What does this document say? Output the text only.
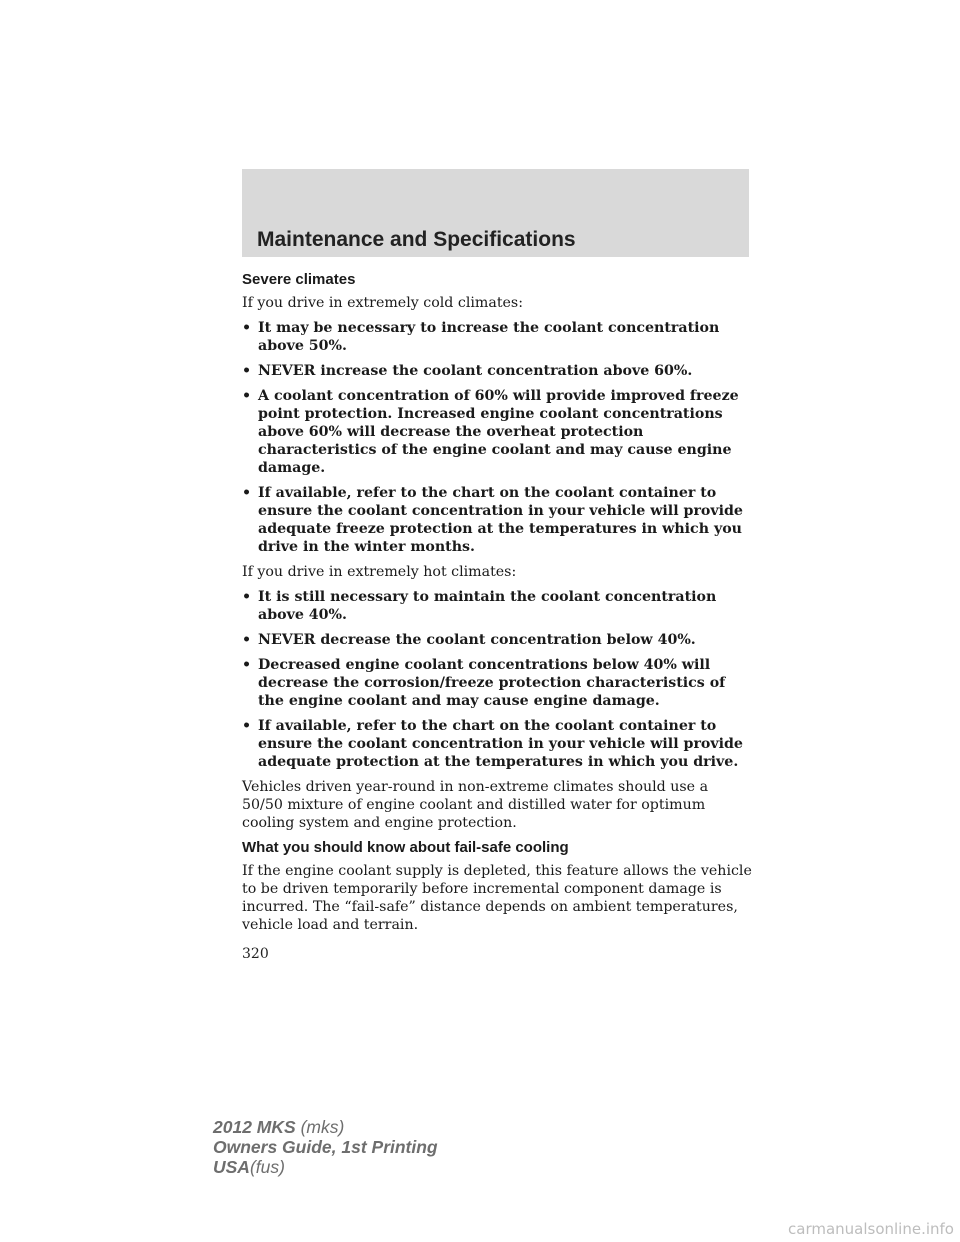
Maintenance and Specifications
Severe climates

If you drive in extremely cold climates:

• It may be necessary to increase the coolant concentration above 50%.
• NEVER increase the coolant concentration above 60%.
• A coolant concentration of 60% will provide improved freeze point protection. Increased engine coolant concentrations above 60% will decrease the overheat protection characteristics of the engine coolant and may cause engine damage.
• If available, refer to the chart on the coolant container to ensure the coolant concentration in your vehicle will provide adequate freeze protection at the temperatures in which you drive in the winter months.

If you drive in extremely hot climates:

• It is still necessary to maintain the coolant concentration above 40%.
• NEVER decrease the coolant concentration below 40%.
• Decreased engine coolant concentrations below 40% will decrease the corrosion/freeze protection characteristics of the engine coolant and may cause engine damage.
• If available, refer to the chart on the coolant container to ensure the coolant concentration in your vehicle will provide adequate protection at the temperatures in which you drive.

Vehicles driven year-round in non-extreme climates should use a 50/50 mixture of engine coolant and distilled water for optimum cooling system and engine protection.

What you should know about fail-safe cooling

If the engine coolant supply is depleted, this feature allows the vehicle to be driven temporarily before incremental component damage is incurred. The “fail-safe” distance depends on ambient temperatures, vehicle load and terrain.

320

2012 MKS (mks)
Owners Guide, 1st Printing
USA(fus)
carmanualsonline.info
